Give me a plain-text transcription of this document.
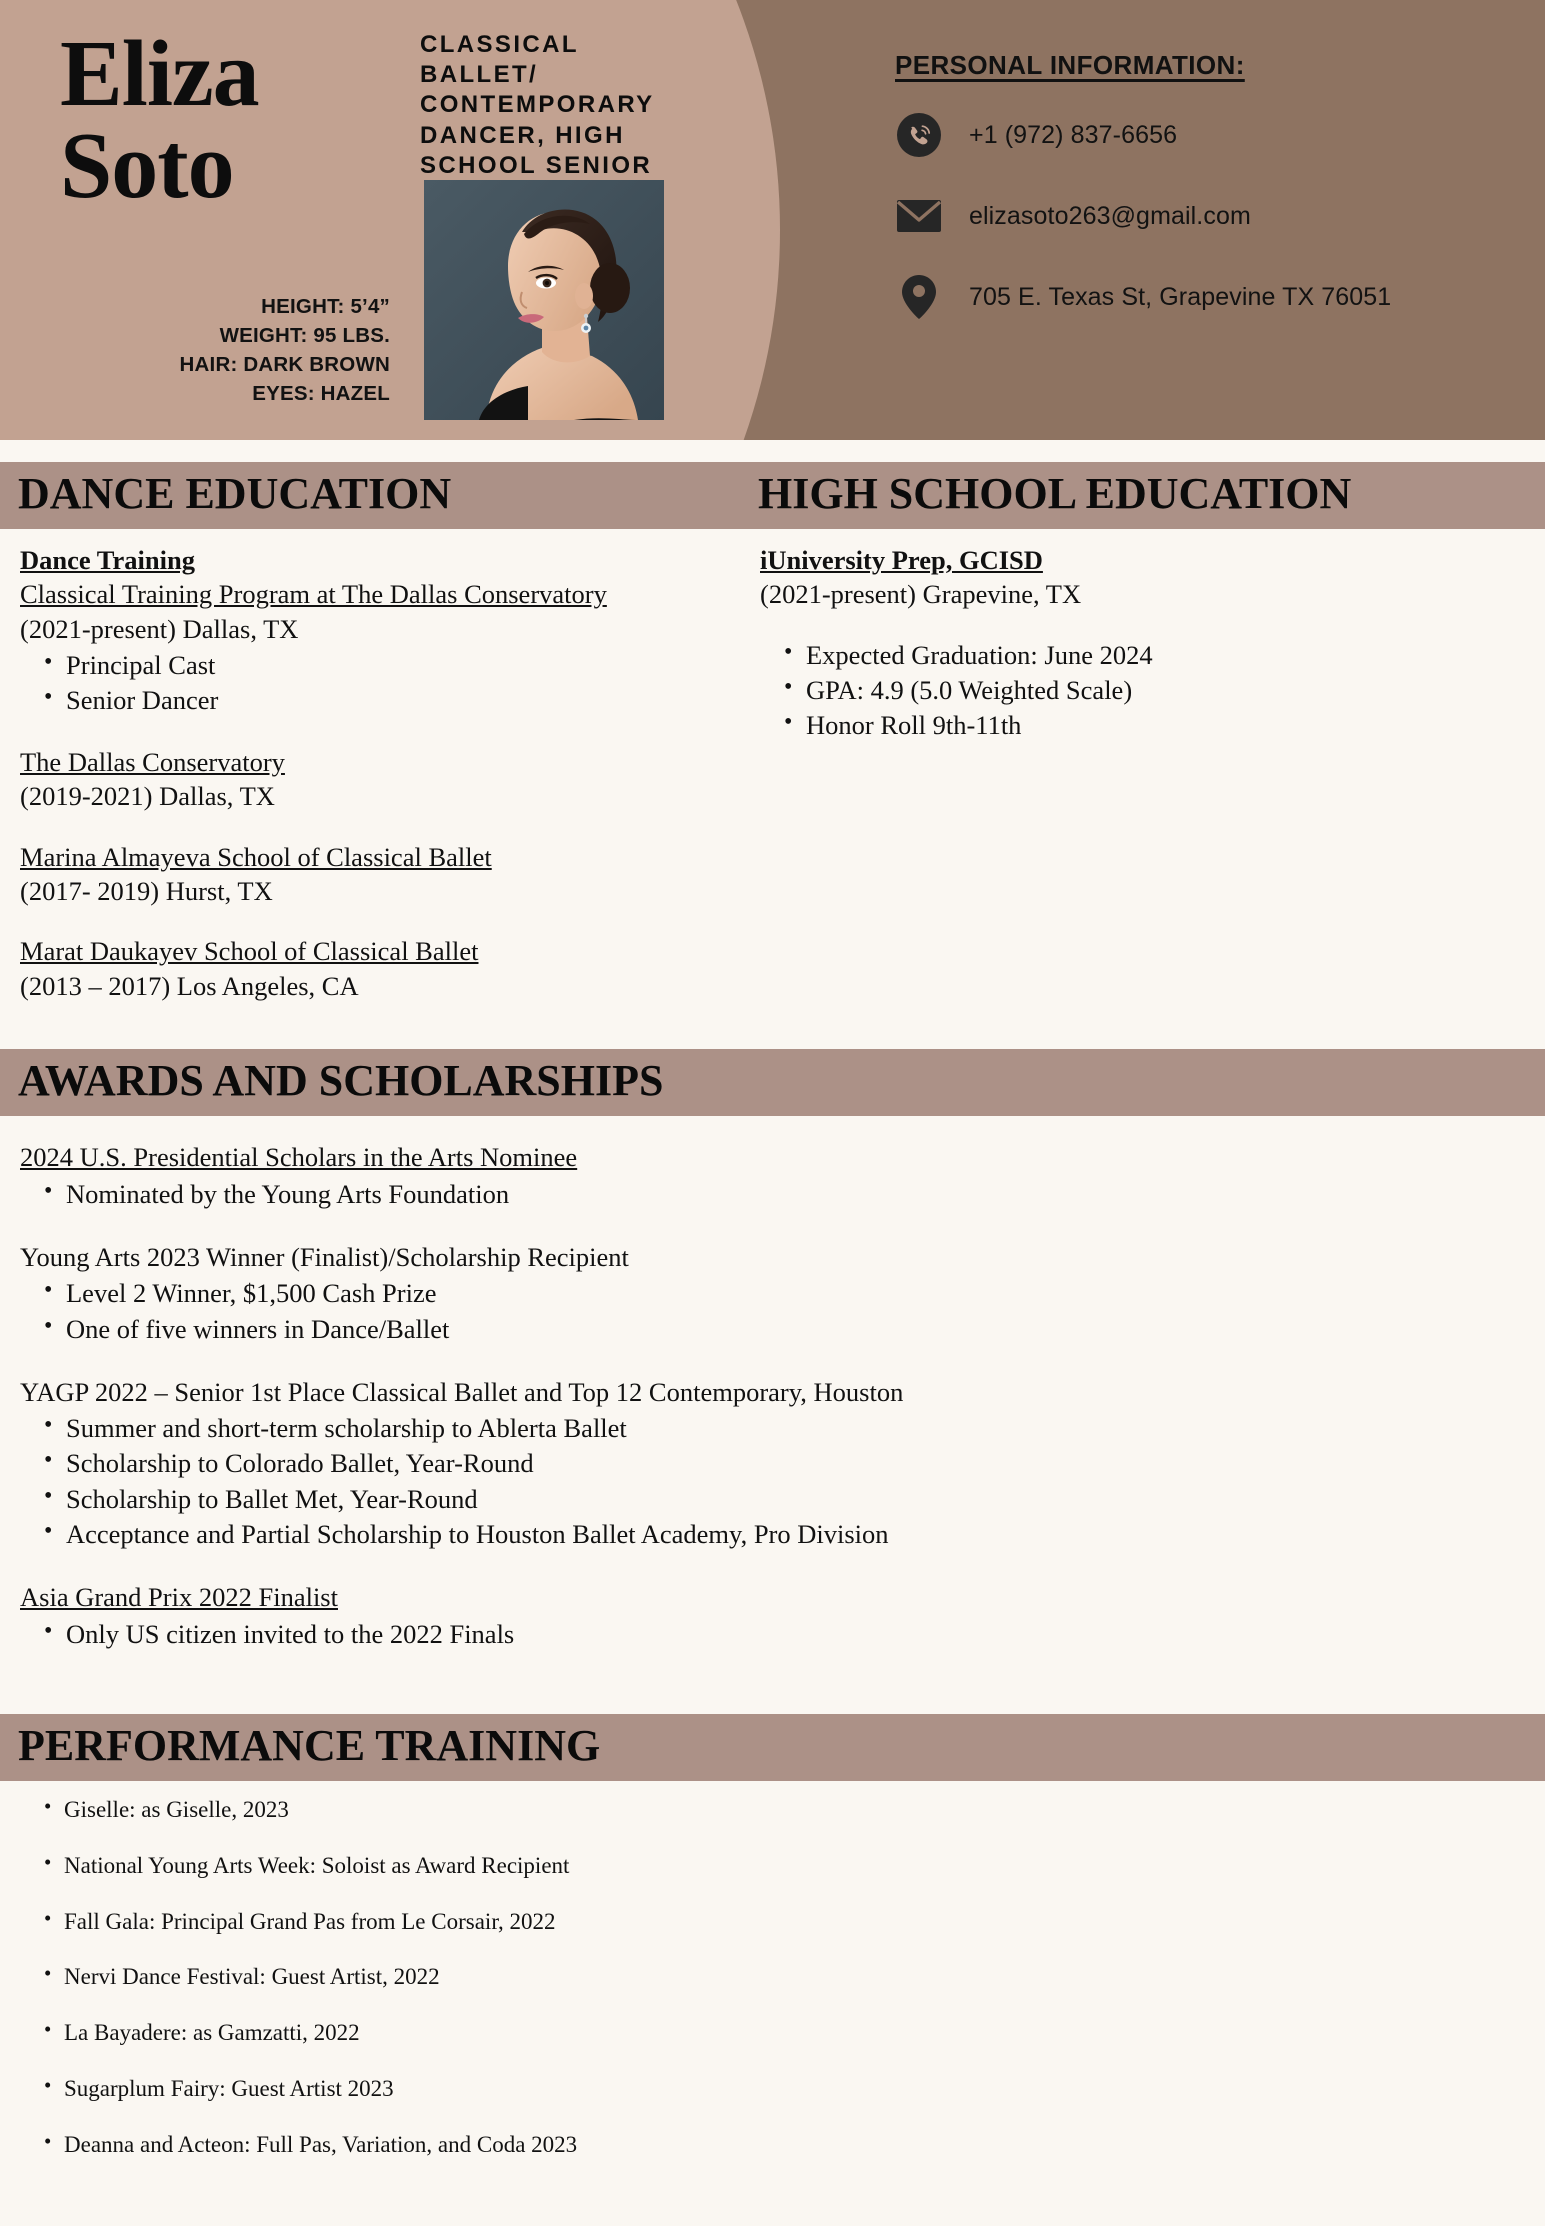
Eliza
Soto
HEIGHT: 5’4”
WEIGHT: 95 LBS.
HAIR: DARK BROWN
EYES: HAZEL
CLASSICAL BALLET/ CONTEMPORARY DANCER, HIGH SCHOOL SENIOR
PERSONAL INFORMATION:
+1 (972) 837-6656
elizasoto263@gmail.com
705 E. Texas St, Grapevine TX 76051
DANCE EDUCATION	HIGH SCHOOL EDUCATION
Dance Training
Classical Training Program at The Dallas Conservatory
(2021-present) Dallas, TX
• Principal Cast
• Senior Dancer
The Dallas Conservatory
(2019-2021) Dallas, TX
Marina Almayeva School of Classical Ballet
(2017- 2019) Hurst, TX
Marat Daukayev School of Classical Ballet
(2013 – 2017) Los Angeles, CA
iUniversity Prep, GCISD
(2021-present) Grapevine, TX
• Expected Graduation: June 2024
• GPA: 4.9 (5.0 Weighted Scale)
• Honor Roll 9th-11th
AWARDS AND SCHOLARSHIPS
2024 U.S. Presidential Scholars in the Arts Nominee
• Nominated by the Young Arts Foundation
Young Arts 2023 Winner (Finalist)/Scholarship Recipient
• Level 2 Winner, $1,500 Cash Prize
• One of five winners in Dance/Ballet
YAGP 2022 – Senior 1st Place Classical Ballet and Top 12 Contemporary, Houston
• Summer and short-term scholarship to Ablerta Ballet
• Scholarship to Colorado Ballet, Year-Round
• Scholarship to Ballet Met, Year-Round
• Acceptance and Partial Scholarship to Houston Ballet Academy, Pro Division
Asia Grand Prix 2022 Finalist
• Only US citizen invited to the 2022 Finals
PERFORMANCE TRAINING
• Giselle: as Giselle, 2023
• National Young Arts Week: Soloist as Award Recipient
• Fall Gala: Principal Grand Pas from Le Corsair, 2022
• Nervi Dance Festival: Guest Artist, 2022
• La Bayadere: as Gamzatti, 2022
• Sugarplum Fairy: Guest Artist 2023
• Deanna and Acteon: Full Pas, Variation, and Coda 2023
